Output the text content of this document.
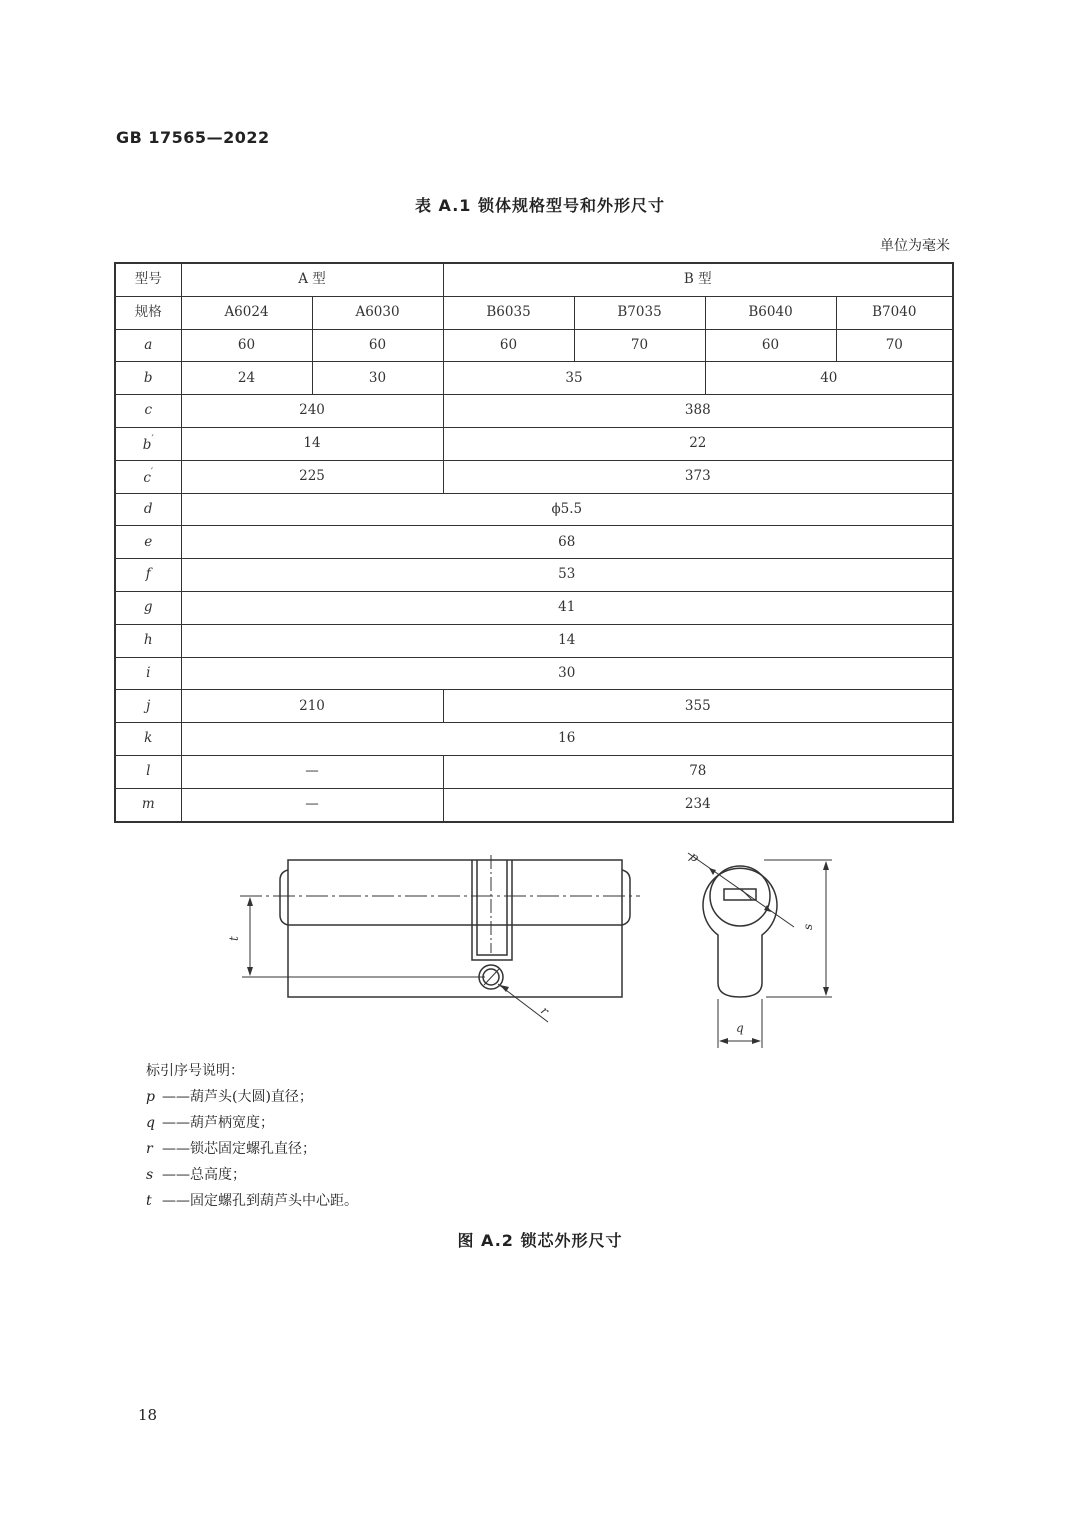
GB 17565—2022
表 A.1 锁体规格型号和外形尺寸
单位为毫米
型号	A 型		B 型			
规格	A6024	A6030	B6035	B7035	B6040	B7040
a	60	60	60	70	60	70
b	24	30	35		40	
c	240		388			
b′	14		22			
c′	225		373			
d	ϕ5.5					
e	68					
f	53					
g	41					
h	14					
i	30					
j	210		355			
k	16					
l	—		78			
m	—		234			
t
r
s
q
p
标引序号说明：
p ——葫芦头(大圆)直径；
q ——葫芦柄宽度；
r ——锁芯固定螺孔直径；
s ——总高度；
t ——固定螺孔到葫芦头中心距。
图 A.2 锁芯外形尺寸
18
